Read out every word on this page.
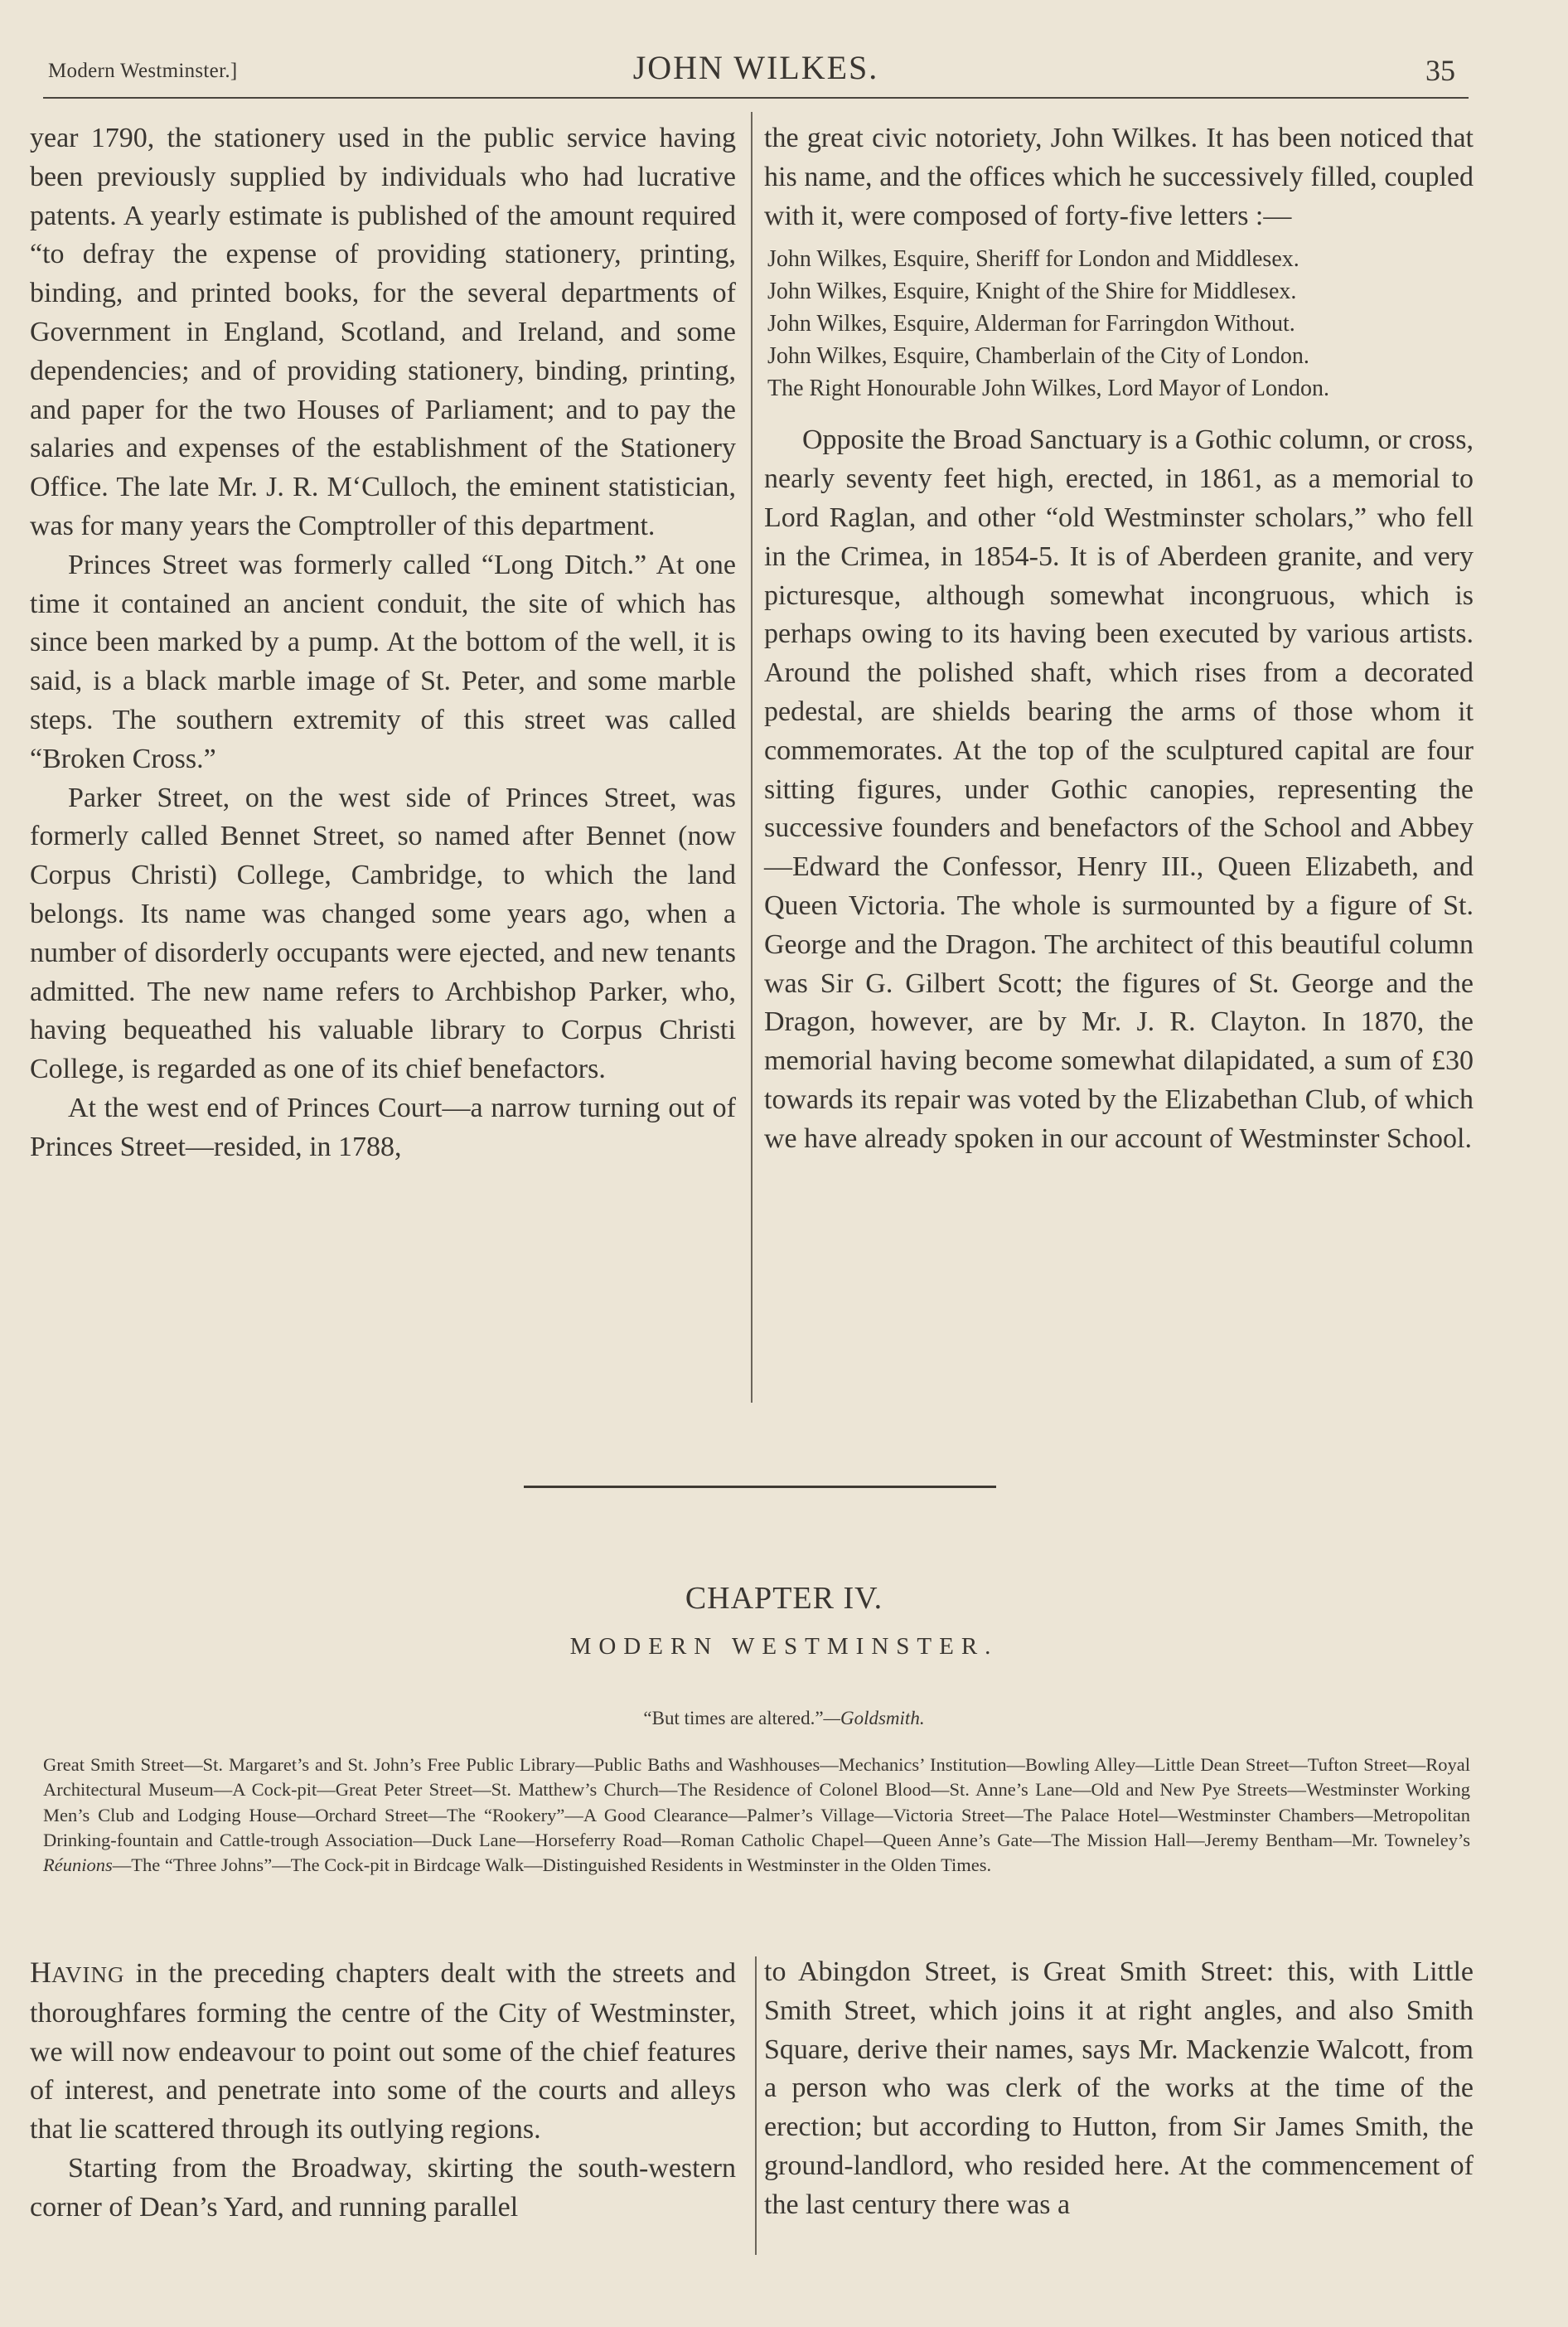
Modern Westminster.]	JOHN WILKES.	35

year 1790, the stationery used in the public service having been previously supplied by individuals who had lucrative patents. A yearly estimate is published of the amount required “to defray the expense of providing stationery, printing, binding, and printed books, for the several departments of Government in England, Scotland, and Ireland, and some dependencies; and of providing stationery, binding, printing, and paper for the two Houses of Parliament; and to pay the salaries and expenses of the establishment of the Stationery Office. The late Mr. J. R. M‘Culloch, the eminent statistician, was for many years the Comptroller of this department.

Princes Street was formerly called “Long Ditch.” At one time it contained an ancient conduit, the site of which has since been marked by a pump. At the bottom of the well, it is said, is a black marble image of St. Peter, and some marble steps. The southern extremity of this street was called “Broken Cross.”

Parker Street, on the west side of Princes Street, was formerly called Bennet Street, so named after Bennet (now Corpus Christi) College, Cambridge, to which the land belongs. Its name was changed some years ago, when a number of disorderly occupants were ejected, and new tenants admitted. The new name refers to Archbishop Parker, who, having bequeathed his valuable library to Corpus Christi College, is regarded as one of its chief benefactors.

At the west end of Princes Court—a narrow turning out of Princes Street—resided, in 1788,

the great civic notoriety, John Wilkes. It has been noticed that his name, and the offices which he successively filled, coupled with it, were composed of forty-five letters :—

John Wilkes, Esquire, Sheriff for London and Middlesex.
John Wilkes, Esquire, Knight of the Shire for Middlesex.
John Wilkes, Esquire, Alderman for Farringdon Without.
John Wilkes, Esquire, Chamberlain of the City of London.
The Right Honourable John Wilkes, Lord Mayor of London.

Opposite the Broad Sanctuary is a Gothic column, or cross, nearly seventy feet high, erected, in 1861, as a memorial to Lord Raglan, and other “old Westminster scholars,” who fell in the Crimea, in 1854-5. It is of Aberdeen granite, and very picturesque, although somewhat incongruous, which is perhaps owing to its having been executed by various artists. Around the polished shaft, which rises from a decorated pedestal, are shields bearing the arms of those whom it commemorates. At the top of the sculptured capital are four sitting figures, under Gothic canopies, representing the successive founders and benefactors of the School and Abbey—Edward the Confessor, Henry III., Queen Elizabeth, and Queen Victoria. The whole is surmounted by a figure of St. George and the Dragon. The architect of this beautiful column was Sir G. Gilbert Scott; the figures of St. George and the Dragon, however, are by Mr. J. R. Clayton. In 1870, the memorial having become somewhat dilapidated, a sum of £30 towards its repair was voted by the Elizabethan Club, of which we have already spoken in our account of Westminster School.

CHAPTER IV.
MODERN WESTMINSTER.
“But times are altered.”—Goldsmith.
Great Smith Street—St. Margaret’s and St. John’s Free Public Library—Public Baths and Washhouses—Mechanics’ Institution—Bowling Alley—Little Dean Street—Tufton Street—Royal Architectural Museum—A Cock-pit—Great Peter Street—St. Matthew’s Church—The Residence of Colonel Blood—St. Anne’s Lane—Old and New Pye Streets—Westminster Working Men’s Club and Lodging House—Orchard Street—The “Rookery”—A Good Clearance—Palmer’s Village—Victoria Street—The Palace Hotel—Westminster Chambers—Metropolitan Drinking-fountain and Cattle-trough Association—Duck Lane—Horseferry Road—Roman Catholic Chapel—Queen Anne’s Gate—The Mission Hall—Jeremy Bentham—Mr. Towneley’s Réunions—The “Three Johns”—The Cock-pit in Birdcage Walk—Distinguished Residents in Westminster in the Olden Times.

HAVING in the preceding chapters dealt with the streets and thoroughfares forming the centre of the City of Westminster, we will now endeavour to point out some of the chief features of interest, and penetrate into some of the courts and alleys that lie scattered through its outlying regions.

Starting from the Broadway, skirting the south-western corner of Dean’s Yard, and running parallel

to Abingdon Street, is Great Smith Street: this, with Little Smith Street, which joins it at right angles, and also Smith Square, derive their names, says Mr. Mackenzie Walcott, from a person who was clerk of the works at the time of the erection; but according to Hutton, from Sir James Smith, the ground-landlord, who resided here. At the commencement of the last century there was a
